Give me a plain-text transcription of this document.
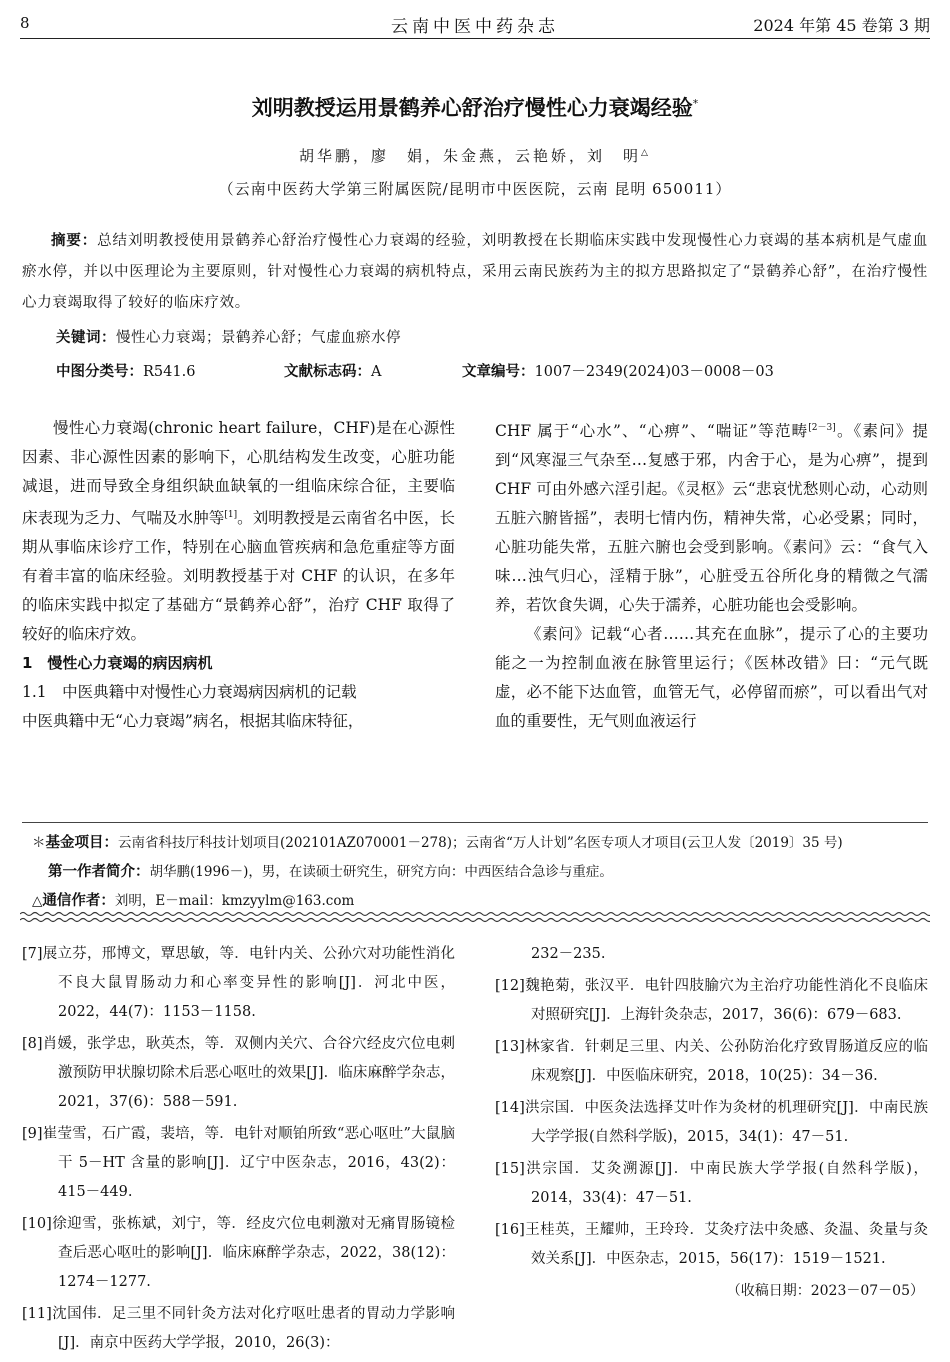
8	云南中医中药杂志	2024 年第 45 卷第 3 期
刘明教授运用景鹤养心舒治疗慢性心力衰竭经验*
胡华鹏，廖　娟，朱金燕，云艳娇，刘　明△
（云南中医药大学第三附属医院/昆明市中医医院，云南 昆明 650011）
摘要：总结刘明教授使用景鹤养心舒治疗慢性心力衰竭的经验，刘明教授在长期临床实践中发现慢性心力衰竭的基本病机是气虚血瘀水停，并以中医理论为主要原则，针对慢性心力衰竭的病机特点，采用云南民族药为主的拟方思路拟定了“景鹤养心舒”，在治疗慢性心力衰竭取得了较好的临床疗效。
关键词：慢性心力衰竭；景鹤养心舒；气虚血瘀水停
中图分类号：R541.6	文献标志码：A	文章编号：1007－2349(2024)03－0008－03

慢性心力衰竭(chronic heart failure，CHF)是在心源性因素、非心源性因素的影响下，心肌结构发生改变，心脏功能减退，进而导致全身组织缺血缺氧的一组临床综合征，主要临床表现为乏力、气喘及水肿等[1]。刘明教授是云南省名中医，长期从事临床诊疗工作，特别在心脑血管疾病和急危重症等方面有着丰富的临床经验。刘明教授基于对 CHF 的认识，在多年的临床实践中拟定了基础方“景鹤养心舒”，治疗 CHF 取得了较好的临床疗效。

1　慢性心力衰竭的病因病机

1.1　中医典籍中对慢性心力衰竭病因病机的记载

中医典籍中无“心力衰竭”病名，根据其临床特征，

CHF 属于“心水”、“心痹”、“喘证”等范畴[2－3]。《素问》提到“风寒湿三气杂至…复感于邪，内舍于心，是为心痹”，提到 CHF 可由外感六淫引起。《灵枢》云“悲哀忧愁则心动，心动则五脏六腑皆摇”，表明七情内伤，精神失常，心必受累；同时，心脏功能失常，五脏六腑也会受到影响。《素问》云：“食气入味…浊气归心，淫精于脉”，心脏受五谷所化身的精微之气濡养，若饮食失调，心失于濡养，心脏功能也会受影响。

《素问》记载“心者……其充在血脉”，提示了心的主要功能之一为控制血液在脉管里运行；《医林改错》曰：“元气既虚，必不能下达血管，血管无气，必停留而瘀”，可以看出气对血的重要性，无气则血液运行

＊基金项目：云南省科技厅科技计划项目(202101AZ070001－278)；云南省“万人计划”名医专项人才项目(云卫人发〔2019〕35 号)
第一作者简介：胡华鹏(1996－)，男，在读硕士研究生，研究方向：中西医结合急诊与重症。
△通信作者：刘明，E－mail：kmzyylm@163.com

[7]展立芬，邢博文，覃思敏，等．电针内关、公孙穴对功能性消化不良大鼠胃肠动力和心率变异性的影响[J]．河北中医，2022，44(7)：1153－1158.

[8]肖媛，张学忠，耿英杰，等．双侧内关穴、合谷穴经皮穴位电刺激预防甲状腺切除术后恶心呕吐的效果[J]．临床麻醉学杂志，2021，37(6)：588－591.

[9]崔莹雪，石广霞，裴培，等．电针对顺铂所致“恶心呕吐”大鼠脑干 5－HT 含量的影响[J]．辽宁中医杂志，2016，43(2)：415－449.

[10]徐迎雪，张栋斌，刘宁，等．经皮穴位电刺激对无痛胃肠镜检查后恶心呕吐的影响[J]．临床麻醉学杂志，2022，38(12)：1274－1277.

[11]沈国伟．足三里不同针灸方法对化疗呕吐患者的胃动力学影响[J]．南京中医药大学学报，2010，26(3)：

232－235.

[12]魏艳菊，张汉平．电针四肢腧穴为主治疗功能性消化不良临床对照研究[J]．上海针灸杂志，2017，36(6)：679－683.

[13]林家省．针刺足三里、内关、公孙防治化疗致胃肠道反应的临床观察[J]．中医临床研究，2018，10(25)：34－36.

[14]洪宗国．中医灸法选择艾叶作为灸材的机理研究[J]．中南民族大学学报(自然科学版)，2015，34(1)：47－51.

[15]洪宗国．艾灸溯源[J]．中南民族大学学报(自然科学版)，2014，33(4)：47－51.

[16]王桂英，王耀帅，王玲玲．艾灸疗法中灸感、灸温、灸量与灸效关系[J]．中医杂志，2015，56(17)：1519－1521.

（收稿日期：2023－07－05）
